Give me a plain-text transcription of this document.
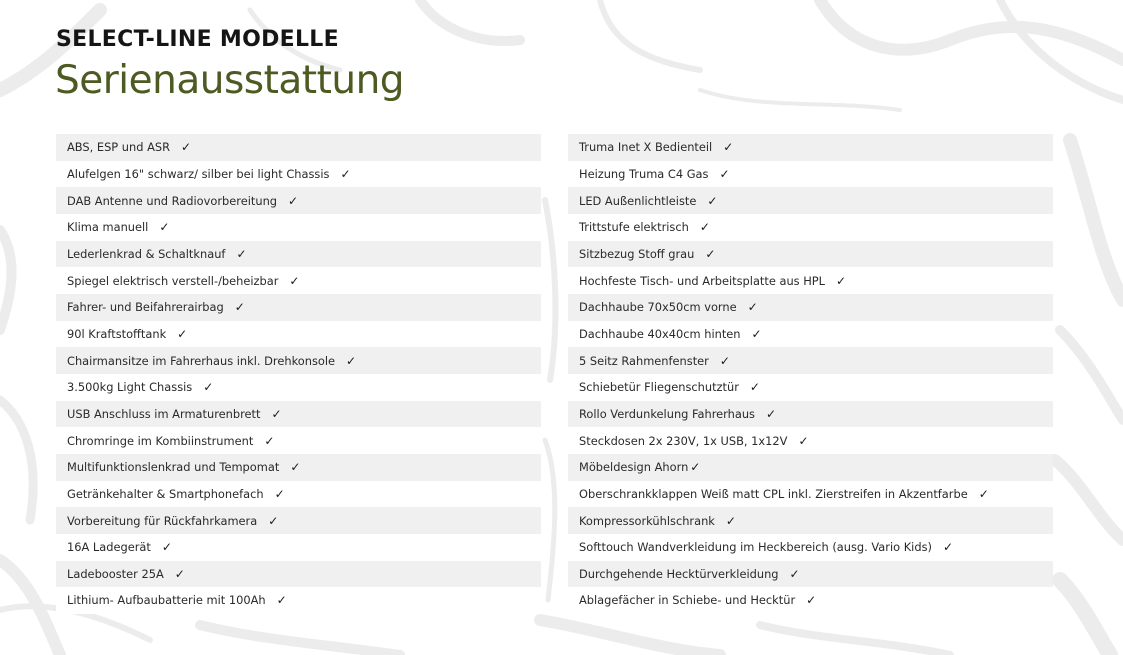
SELECT-LINE MODELLE
Serienausstattung
ABS, ESP und ASR ✓
Alufelgen 16" schwarz/ silber bei light Chassis ✓
DAB Antenne und Radiovorbereitung ✓
Klima manuell ✓
Lederlenkrad & Schaltknauf ✓
Spiegel elektrisch verstell-/beheizbar ✓
Fahrer- und Beifahrerairbag ✓
90l Kraftstofftank ✓
Chairmansitze im Fahrerhaus inkl. Drehkonsole ✓
3.500kg Light Chassis ✓
USB Anschluss im Armaturenbrett ✓
Chromringe im Kombiinstrument ✓
Multifunktionslenkrad und Tempomat ✓
Getränkehalter & Smartphonefach ✓
Vorbereitung für Rückfahrkamera ✓
16A Ladegerät ✓
Ladebooster 25A ✓
Lithium- Aufbaubatterie mit 100Ah ✓
Truma Inet X Bedienteil ✓
Heizung Truma C4 Gas ✓
LED Außenlichtleiste ✓
Trittstufe elektrisch ✓
Sitzbezug Stoff grau ✓
Hochfeste Tisch- und Arbeitsplatte aus HPL ✓
Dachhaube 70x50cm vorne ✓
Dachhaube 40x40cm hinten ✓
5 Seitz Rahmenfenster ✓
Schiebetür Fliegenschutztür ✓
Rollo Verdunkelung Fahrerhaus ✓
Steckdosen 2x 230V, 1x USB, 1x12V ✓
Möbeldesign Ahorn ✓
Oberschrankklappen Weiß matt CPL inkl. Zierstreifen in Akzentfarbe ✓
Kompressorkühlschrank ✓
Softtouch Wandverkleidung im Heckbereich (ausg. Vario Kids) ✓
Durchgehende Hecktürverkleidung ✓
Ablagefächer in Schiebe- und Hecktür ✓
